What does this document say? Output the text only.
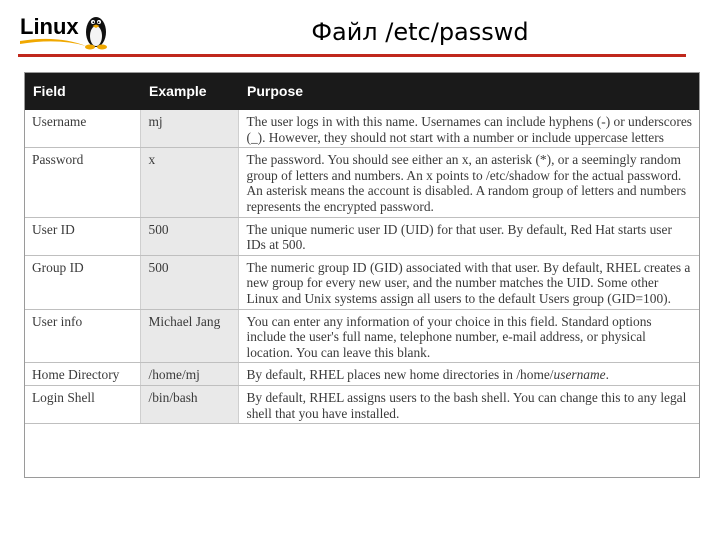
Linux	Файл /etc/passwd
Field	Example	Purpose
Username	mj	The user logs in with this name. Usernames can include hyphens (-) or underscores (_). However, they should not start with a number or include uppercase letters
Password	x	The password. You should see either an x, an asterisk (*), or a seemingly random group of letters and numbers. An x points to /etc/shadow for the actual password. An asterisk means the account is disabled. A random group of letters and numbers represents the encrypted password.
User ID	500	The unique numeric user ID (UID) for that user. By default, Red Hat starts user IDs at 500.
Group ID	500	The numeric group ID (GID) associated with that user. By default, RHEL creates a new group for every new user, and the number matches the UID. Some other Linux and Unix systems assign all users to the default Users group (GID=100).
User info	Michael Jang	You can enter any information of your choice in this field. Standard options include the user's full name, telephone number, e-mail address, or physical location. You can leave this blank.
Home Directory	/home/mj	By default, RHEL places new home directories in /home/username.
Login Shell	/bin/bash	By default, RHEL assigns users to the bash shell. You can change this to any legal shell that you have installed.
